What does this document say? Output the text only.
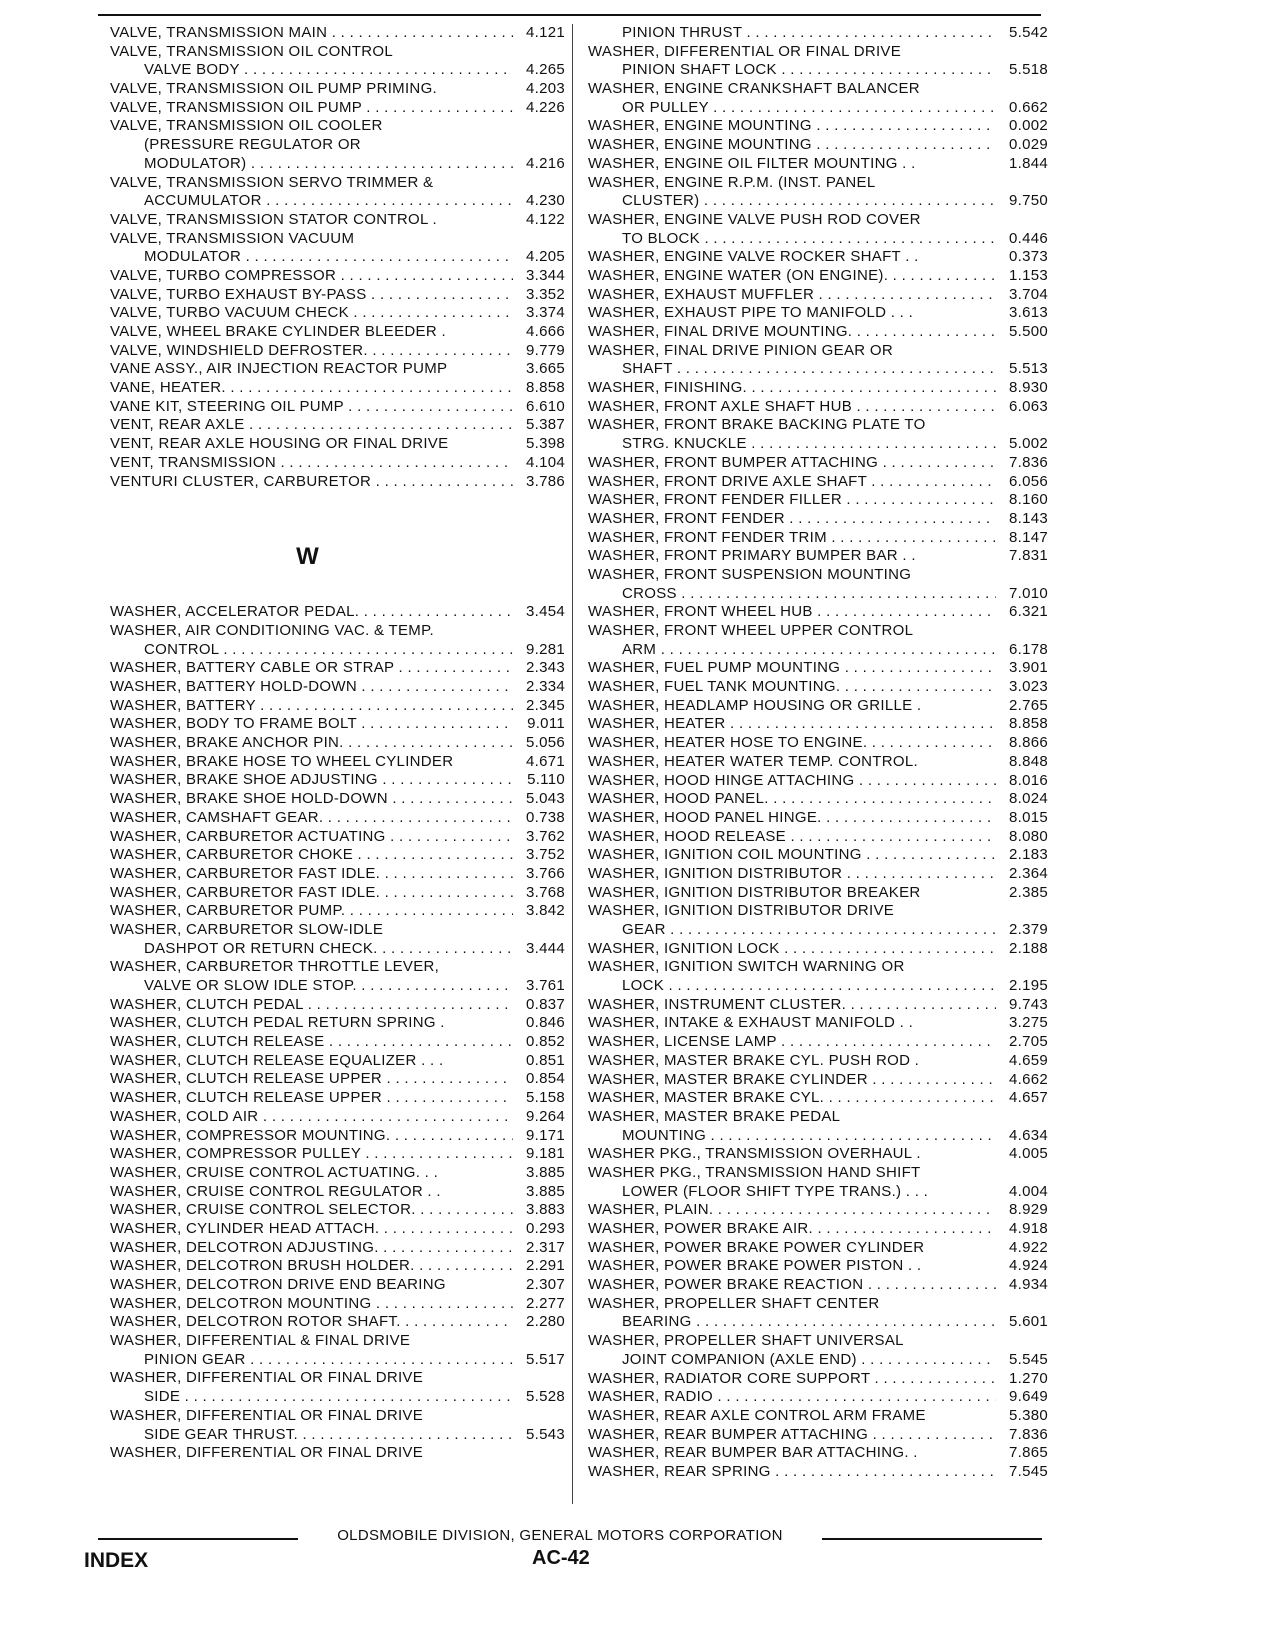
VALVE, TRANSMISSION MAIN . . .	4.121
VALVE, TRANSMISSION OIL CONTROL
VALVE BODY . . .	4.265
VALVE, TRANSMISSION OIL PUMP PRIMING.	4.203
VALVE, TRANSMISSION OIL PUMP . . .	4.226
VALVE, TRANSMISSION OIL COOLER
(PRESSURE REGULATOR OR
MODULATOR) . . .	4.216
VALVE, TRANSMISSION SERVO TRIMMER &
ACCUMULATOR . . .	4.230
VALVE, TRANSMISSION STATOR CONTROL .	4.122
VALVE, TRANSMISSION VACUUM
MODULATOR . . .	4.205
VALVE, TURBO COMPRESSOR . . .	3.344
VALVE, TURBO EXHAUST BY-PASS . . .	3.352
VALVE, TURBO VACUUM CHECK . . .	3.374
VALVE, WHEEL BRAKE CYLINDER BLEEDER .	4.666
VALVE, WINDSHIELD DEFROSTER. . . .	9.779
VANE ASSY., AIR INJECTION REACTOR PUMP	3.665
VANE, HEATER. . . .	8.858
VANE KIT, STEERING OIL PUMP . . .	6.610
VENT, REAR AXLE . . .	5.387
VENT, REAR AXLE HOUSING OR FINAL DRIVE	5.398
VENT, TRANSMISSION . . .	4.104
VENTURI CLUSTER, CARBURETOR . . .	3.786
W
WASHER, ACCELERATOR PEDAL. . . .	3.454
WASHER, AIR CONDITIONING VAC. & TEMP.
CONTROL . . .	9.281
WASHER, BATTERY CABLE OR STRAP . . .	2.343
WASHER, BATTERY HOLD-DOWN . . .	2.334
WASHER, BATTERY . . .	2.345
WASHER, BODY TO FRAME BOLT . . .	9.011
WASHER, BRAKE ANCHOR PIN. . . .	5.056
WASHER, BRAKE HOSE TO WHEEL CYLINDER	4.671
WASHER, BRAKE SHOE ADJUSTING . . .	5.110
WASHER, BRAKE SHOE HOLD-DOWN . . .	5.043
WASHER, CAMSHAFT GEAR. . . .	0.738
WASHER, CARBURETOR ACTUATING . . .	3.762
WASHER, CARBURETOR CHOKE . . .	3.752
WASHER, CARBURETOR FAST IDLE. . . .	3.766
WASHER, CARBURETOR FAST IDLE. . . .	3.768
WASHER, CARBURETOR PUMP. . . .	3.842
WASHER, CARBURETOR SLOW-IDLE
DASHPOT OR RETURN CHECK. . . .	3.444
WASHER, CARBURETOR THROTTLE LEVER,
VALVE OR SLOW IDLE STOP. . . .	3.761
WASHER, CLUTCH PEDAL . . .	0.837
WASHER, CLUTCH PEDAL RETURN SPRING .	0.846
WASHER, CLUTCH RELEASE . . .	0.852
WASHER, CLUTCH RELEASE EQUALIZER . . .	0.851
WASHER, CLUTCH RELEASE UPPER . . .	0.854
WASHER, CLUTCH RELEASE UPPER . . .	5.158
WASHER, COLD AIR . . .	9.264
WASHER, COMPRESSOR MOUNTING. . . .	9.171
WASHER, COMPRESSOR PULLEY . . .	9.181
WASHER, CRUISE CONTROL ACTUATING. . .	3.885
WASHER, CRUISE CONTROL REGULATOR . .	3.885
WASHER, CRUISE CONTROL SELECTOR. . . .	3.883
WASHER, CYLINDER HEAD ATTACH. . . .	0.293
WASHER, DELCOTRON ADJUSTING. . . .	2.317
WASHER, DELCOTRON BRUSH HOLDER. . . .	2.291
WASHER, DELCOTRON DRIVE END BEARING	2.307
WASHER, DELCOTRON MOUNTING . . .	2.277
WASHER, DELCOTRON ROTOR SHAFT. . . .	2.280
WASHER, DIFFERENTIAL & FINAL DRIVE
PINION GEAR . . .	5.517
WASHER, DIFFERENTIAL OR FINAL DRIVE
SIDE . . .	5.528
WASHER, DIFFERENTIAL OR FINAL DRIVE
SIDE GEAR THRUST. . . .	5.543
WASHER, DIFFERENTIAL OR FINAL DRIVE
PINION THRUST . . .	5.542
WASHER, DIFFERENTIAL OR FINAL DRIVE
PINION SHAFT LOCK . . .	5.518
WASHER, ENGINE CRANKSHAFT BALANCER
OR PULLEY . . .	0.662
WASHER, ENGINE MOUNTING . . .	0.002
WASHER, ENGINE MOUNTING . . .	0.029
WASHER, ENGINE OIL FILTER MOUNTING . .	1.844
WASHER, ENGINE R.P.M. (INST. PANEL
CLUSTER) . . .	9.750
WASHER, ENGINE VALVE PUSH ROD COVER
TO BLOCK . . .	0.446
WASHER, ENGINE VALVE ROCKER SHAFT . .	0.373
WASHER, ENGINE WATER (ON ENGINE). . . .	1.153
WASHER, EXHAUST MUFFLER . . .	3.704
WASHER, EXHAUST PIPE TO MANIFOLD . . .	3.613
WASHER, FINAL DRIVE MOUNTING. . . .	5.500
WASHER, FINAL DRIVE PINION GEAR OR
SHAFT . . .	5.513
WASHER, FINISHING. . . .	8.930
WASHER, FRONT AXLE SHAFT HUB . . .	6.063
WASHER, FRONT BRAKE BACKING PLATE TO
STRG. KNUCKLE . . .	5.002
WASHER, FRONT BUMPER ATTACHING . . .	7.836
WASHER, FRONT DRIVE AXLE SHAFT . . .	6.056
WASHER, FRONT FENDER FILLER . . .	8.160
WASHER, FRONT FENDER . . .	8.143
WASHER, FRONT FENDER TRIM . . .	8.147
WASHER, FRONT PRIMARY BUMPER BAR . .	7.831
WASHER, FRONT SUSPENSION MOUNTING
CROSS . . .	7.010
WASHER, FRONT WHEEL HUB . . .	6.321
WASHER, FRONT WHEEL UPPER CONTROL
ARM . . .	6.178
WASHER, FUEL PUMP MOUNTING . . .	3.901
WASHER, FUEL TANK MOUNTING. . . .	3.023
WASHER, HEADLAMP HOUSING OR GRILLE .	2.765
WASHER, HEATER . . .	8.858
WASHER, HEATER HOSE TO ENGINE. . . .	8.866
WASHER, HEATER WATER TEMP. CONTROL.	8.848
WASHER, HOOD HINGE ATTACHING . . .	8.016
WASHER, HOOD PANEL. . . .	8.024
WASHER, HOOD PANEL HINGE. . . .	8.015
WASHER, HOOD RELEASE . . .	8.080
WASHER, IGNITION COIL MOUNTING . . .	2.183
WASHER, IGNITION DISTRIBUTOR . . .	2.364
WASHER, IGNITION DISTRIBUTOR BREAKER	2.385
WASHER, IGNITION DISTRIBUTOR DRIVE
GEAR . . .	2.379
WASHER, IGNITION LOCK . . .	2.188
WASHER, IGNITION SWITCH WARNING OR
LOCK . . .	2.195
WASHER, INSTRUMENT CLUSTER. . . .	9.743
WASHER, INTAKE & EXHAUST MANIFOLD . .	3.275
WASHER, LICENSE LAMP . . .	2.705
WASHER, MASTER BRAKE CYL. PUSH ROD .	4.659
WASHER, MASTER BRAKE CYLINDER . . .	4.662
WASHER, MASTER BRAKE CYL. . . .	4.657
WASHER, MASTER BRAKE PEDAL
MOUNTING . . .	4.634
WASHER PKG., TRANSMISSION OVERHAUL .	4.005
WASHER PKG., TRANSMISSION HAND SHIFT
LOWER (FLOOR SHIFT TYPE TRANS.) . . .	4.004
WASHER, PLAIN. . . .	8.929
WASHER, POWER BRAKE AIR. . . .	4.918
WASHER, POWER BRAKE POWER CYLINDER	4.922
WASHER, POWER BRAKE POWER PISTON . .	4.924
WASHER, POWER BRAKE REACTION . . .	4.934
WASHER, PROPELLER SHAFT CENTER
BEARING . . .	5.601
WASHER, PROPELLER SHAFT UNIVERSAL
JOINT COMPANION (AXLE END) . . .	5.545
WASHER, RADIATOR CORE SUPPORT . . .	1.270
WASHER, RADIO . . .	9.649
WASHER, REAR AXLE CONTROL ARM FRAME	5.380
WASHER, REAR BUMPER ATTACHING . . .	7.836
WASHER, REAR BUMPER BAR ATTACHING. .	7.865
WASHER, REAR SPRING . . .	7.545
OLDSMOBILE DIVISION, GENERAL MOTORS CORPORATION
INDEX	AC-42
